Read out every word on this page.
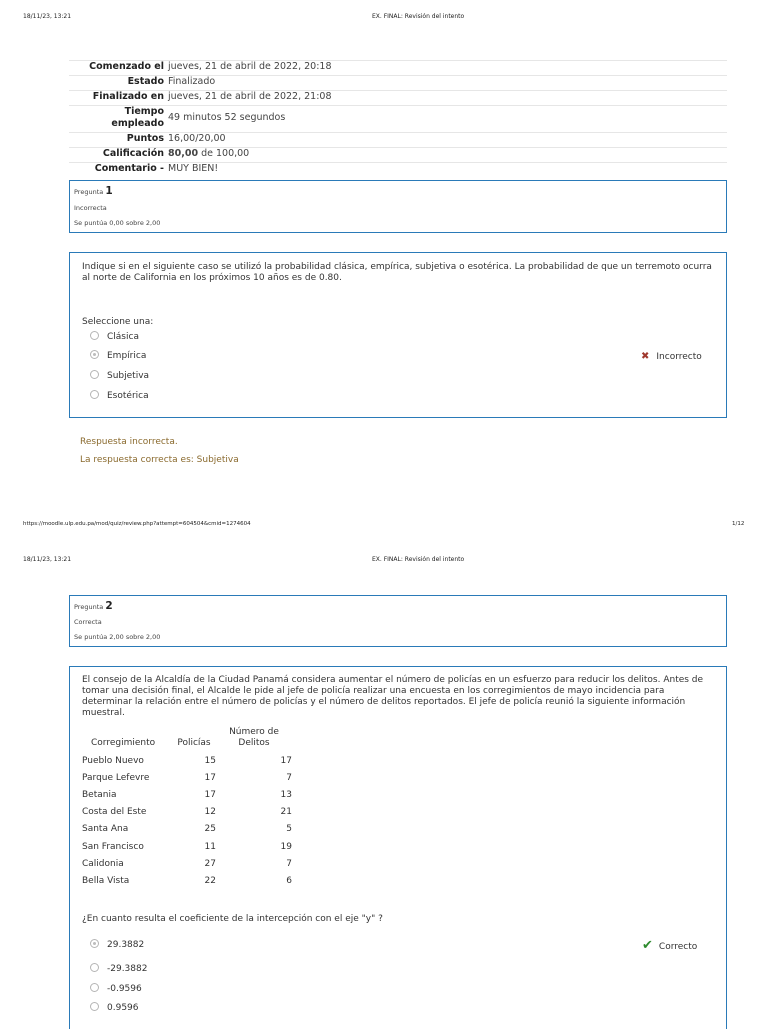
18/11/23, 13:21	EX. FINAL: Revisión del intento
Comenzado el	jueves, 21 de abril de 2022, 20:18
Estado	Finalizado
Finalizado en	jueves, 21 de abril de 2022, 21:08
Tiempo empleado	49 minutos 52 segundos
Puntos	16,00/20,00
Calificación	80,00 de 100,00
Comentario -	MUY BIEN!
Pregunta 1
Incorrecta
Se puntúa 0,00 sobre 2,00
Indique si en el siguiente caso se utilizó la probabilidad clásica, empírica, subjetiva o esotérica. La probabilidad de que un terremoto ocurra al norte de California en los próximos 10 años es de 0.80.
Seleccione una:
Clásica
Empírica
Subjetiva
Esotérica
✖ Incorrecto
Respuesta incorrecta.
La respuesta correcta es: Subjetiva
https://moodle.ulp.edu.pa/mod/quiz/review.php?attempt=604504&cmid=1274604	1/12
18/11/23, 13:21	EX. FINAL: Revisión del intento
Pregunta 2
Correcta
Se puntúa 2,00 sobre 2,00
El consejo de la Alcaldía de la Ciudad Panamá considera aumentar el número de policías en un esfuerzo para reducir los delitos. Antes de tomar una decisión final, el Alcalde le pide al jefe de policía realizar una encuesta en los corregimientos de mayo incidencia para determinar la relación entre el número de policías y el número de delitos reportados. El jefe de policía reunió la siguiente información muestral.
Corregimiento	Policías	Número de Delitos
Pueblo Nuevo	15	17
Parque Lefevre	17	7
Betania	17	13
Costa del Este	12	21
Santa Ana	25	5
San Francisco	11	19
Calidonia	27	7
Bella Vista	22	6
¿En cuanto resulta el coeficiente de la intercepción con el eje "y" ?
29.3882
-29.3882
-0.9596
0.9596
✔ Correcto
